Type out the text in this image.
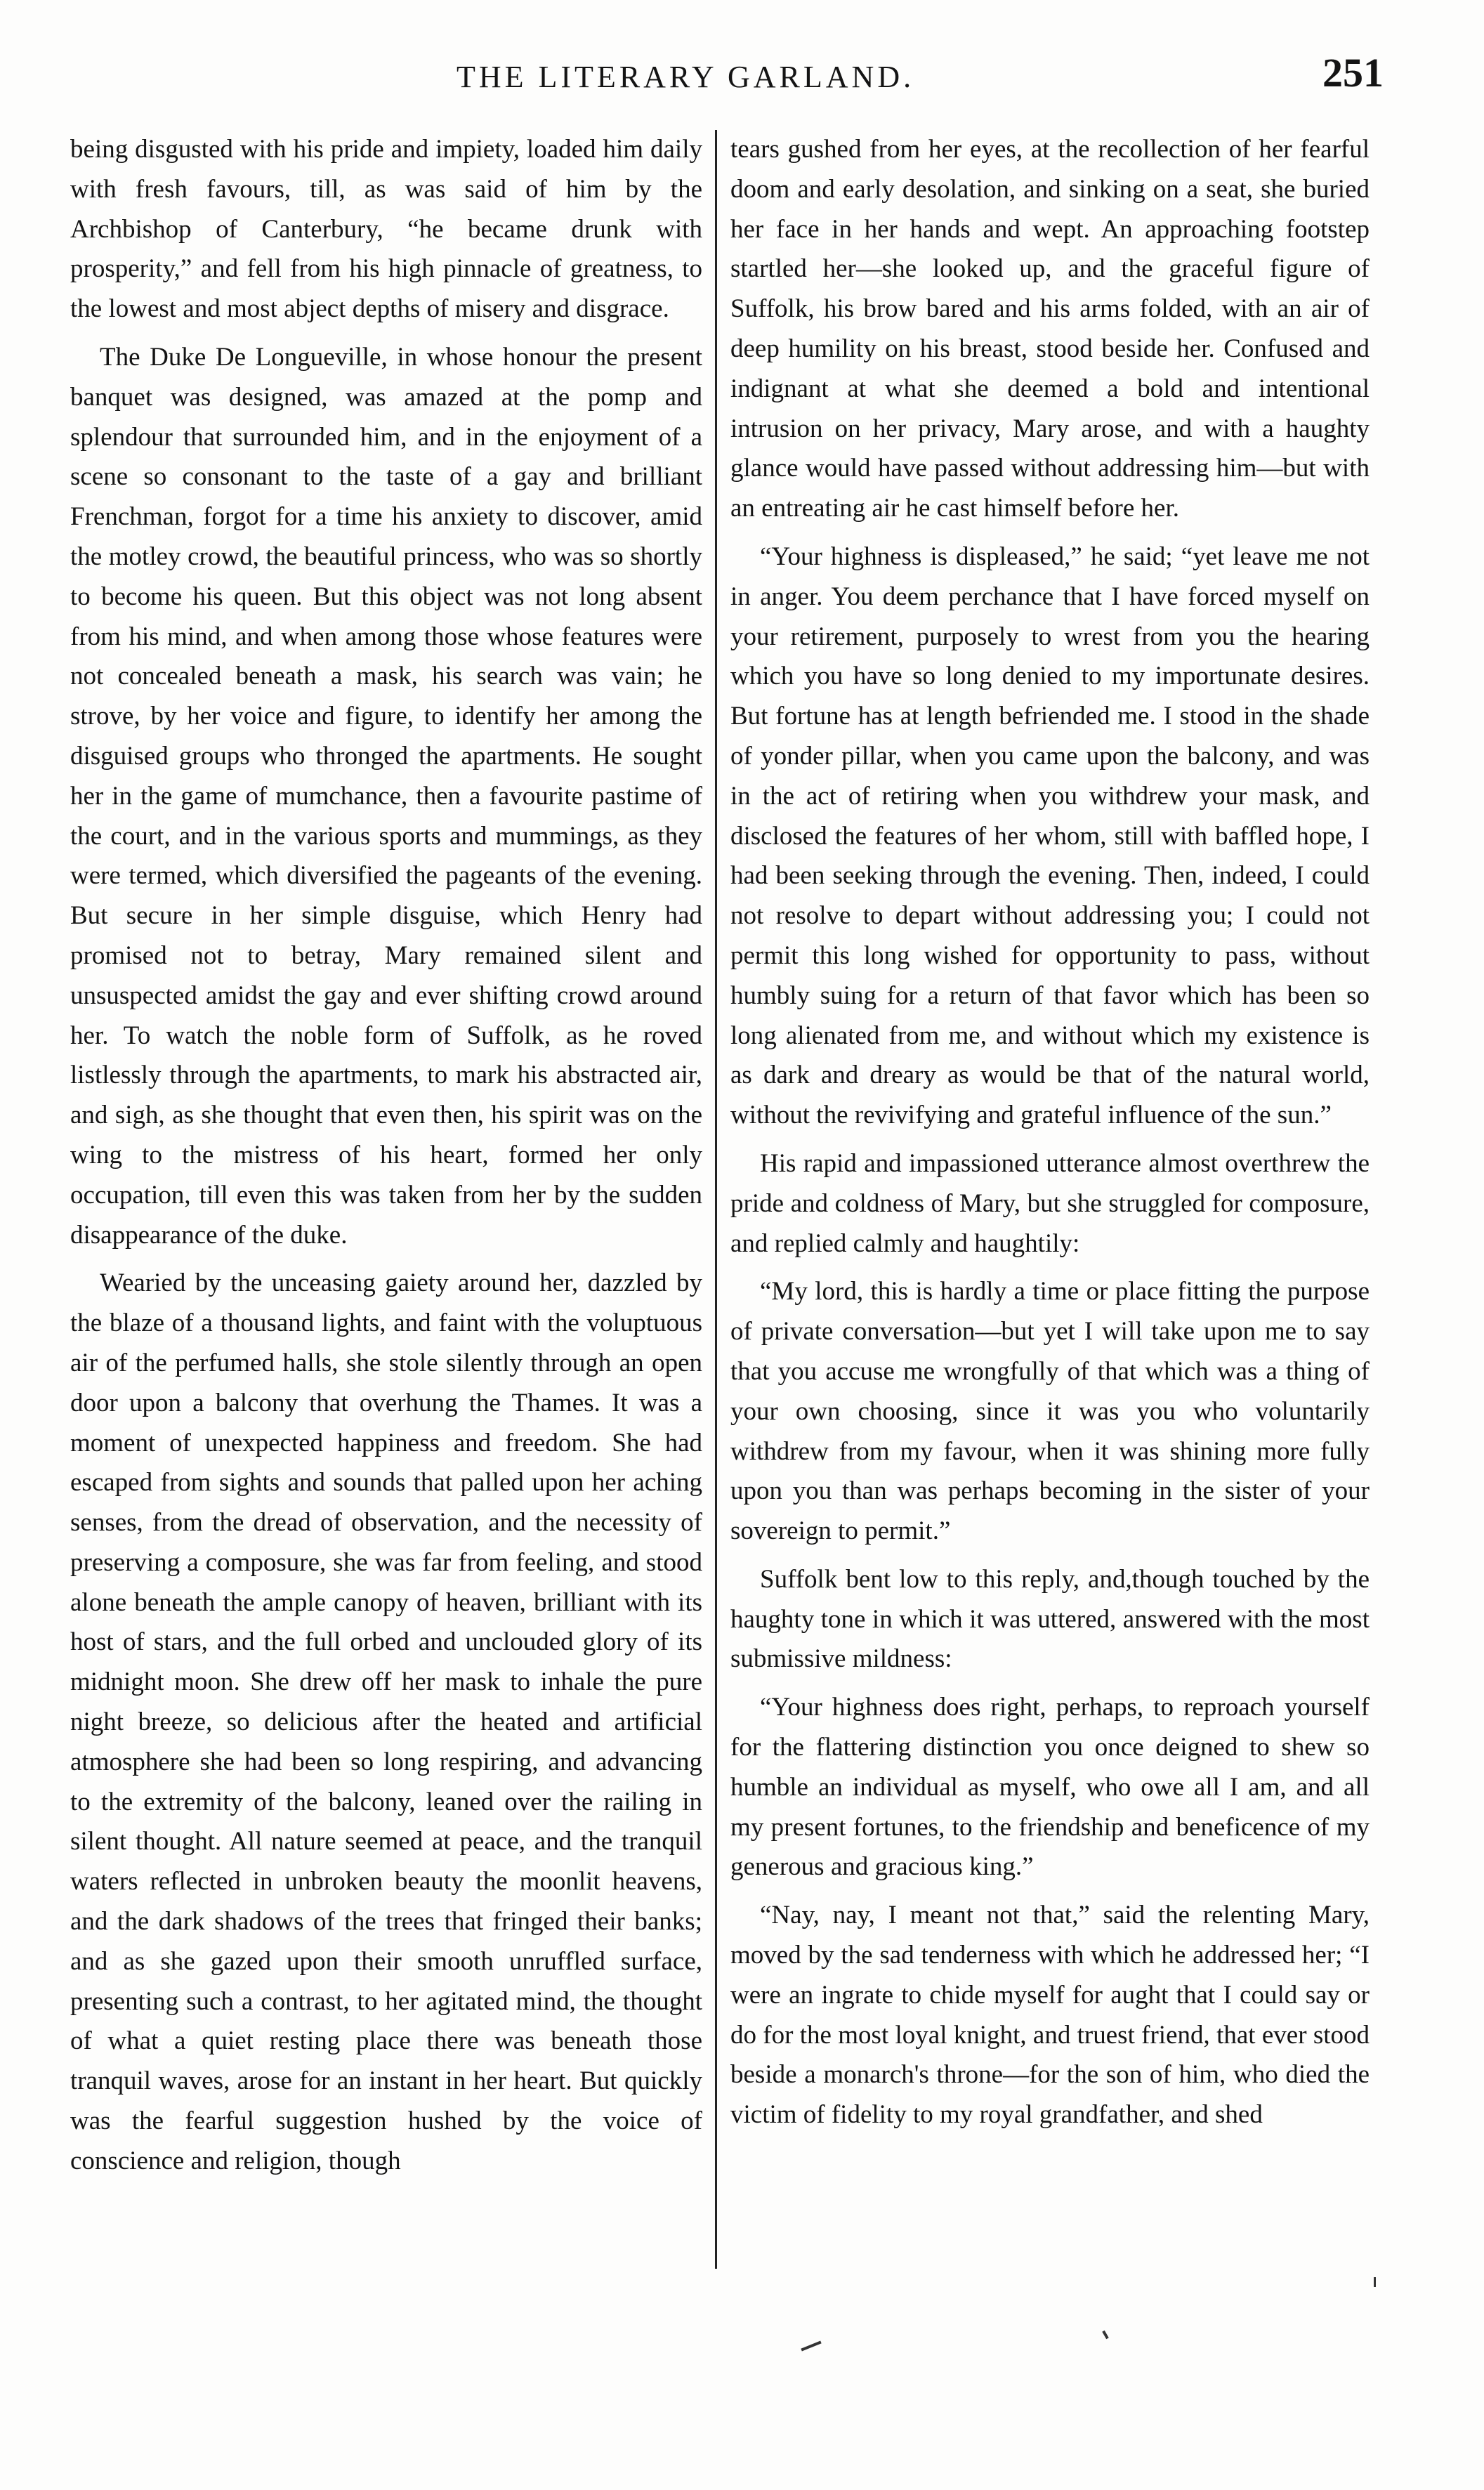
THE LITERARY GARLAND.	251

being disgusted with his pride and impiety, loaded him daily with fresh favours, till, as was said of him by the Archbishop of Canterbury, “he became drunk with prosperity,” and fell from his high pinnacle of greatness, to the lowest and most abject depths of misery and disgrace.

The Duke De Longueville, in whose honour the present banquet was designed, was amazed at the pomp and splendour that surrounded him, and in the enjoyment of a scene so consonant to the taste of a gay and brilliant Frenchman, forgot for a time his anxiety to discover, amid the motley crowd, the beautiful princess, who was so shortly to become his queen. But this object was not long absent from his mind, and when among those whose features were not concealed beneath a mask, his search was vain; he strove, by her voice and figure, to identify her among the disguised groups who thronged the apartments. He sought her in the game of mumchance, then a favourite pastime of the court, and in the various sports and mummings, as they were termed, which diversified the pageants of the evening. But secure in her simple disguise, which Henry had promised not to betray, Mary remained silent and unsuspected amidst the gay and ever shifting crowd around her. To watch the noble form of Suffolk, as he roved listlessly through the apartments, to mark his abstracted air, and sigh, as she thought that even then, his spirit was on the wing to the mistress of his heart, formed her only occupation, till even this was taken from her by the sudden disappearance of the duke.

Wearied by the unceasing gaiety around her, dazzled by the blaze of a thousand lights, and faint with the voluptuous air of the perfumed halls, she stole silently through an open door upon a balcony that overhung the Thames. It was a moment of unexpected happiness and freedom. She had escaped from sights and sounds that palled upon her aching senses, from the dread of observation, and the necessity of preserving a composure, she was far from feeling, and stood alone beneath the ample canopy of heaven, brilliant with its host of stars, and the full orbed and unclouded glory of its midnight moon. She drew off her mask to inhale the pure night breeze, so delicious after the heated and artificial atmosphere she had been so long respiring, and advancing to the extremity of the balcony, leaned over the railing in silent thought. All nature seemed at peace, and the tranquil waters reflected in unbroken beauty the moonlit heavens, and the dark shadows of the trees that fringed their banks; and as she gazed upon their smooth unruffled surface, presenting such a contrast, to her agitated mind, the thought of what a quiet resting place there was beneath those tranquil waves, arose for an instant in her heart. But quickly was the fearful suggestion hushed by the voice of conscience and religion, though

tears gushed from her eyes, at the recollection of her fearful doom and early desolation, and sinking on a seat, she buried her face in her hands and wept. An approaching footstep startled her—she looked up, and the graceful figure of Suffolk, his brow bared and his arms folded, with an air of deep humility on his breast, stood beside her. Confused and indignant at what she deemed a bold and intentional intrusion on her privacy, Mary arose, and with a haughty glance would have passed without addressing him—but with an entreating air he cast himself before her.

“Your highness is displeased,” he said; “yet leave me not in anger. You deem perchance that I have forced myself on your retirement, purposely to wrest from you the hearing which you have so long denied to my importunate desires. But fortune has at length befriended me. I stood in the shade of yonder pillar, when you came upon the balcony, and was in the act of retiring when you withdrew your mask, and disclosed the features of her whom, still with baffled hope, I had been seeking through the evening. Then, indeed, I could not resolve to depart without addressing you; I could not permit this long wished for opportunity to pass, without humbly suing for a return of that favor which has been so long alienated from me, and without which my existence is as dark and dreary as would be that of the natural world, without the revivifying and grateful influence of the sun.”

His rapid and impassioned utterance almost overthrew the pride and coldness of Mary, but she struggled for composure, and replied calmly and haughtily:

“My lord, this is hardly a time or place fitting the purpose of private conversation—but yet I will take upon me to say that you accuse me wrongfully of that which was a thing of your own choosing, since it was you who voluntarily withdrew from my favour, when it was shining more fully upon you than was perhaps becoming in the sister of your sovereign to permit.”

Suffolk bent low to this reply, and,though touched by the haughty tone in which it was uttered, answered with the most submissive mildness:

“Your highness does right, perhaps, to reproach yourself for the flattering distinction you once deigned to shew so humble an individual as myself, who owe all I am, and all my present fortunes, to the friendship and beneficence of my generous and gracious king.”

“Nay, nay, I meant not that,” said the relenting Mary, moved by the sad tenderness with which he addressed her; “I were an ingrate to chide myself for aught that I could say or do for the most loyal knight, and truest friend, that ever stood beside a monarch's throne—for the son of him, who died the victim of fidelity to my royal grandfather, and shed
